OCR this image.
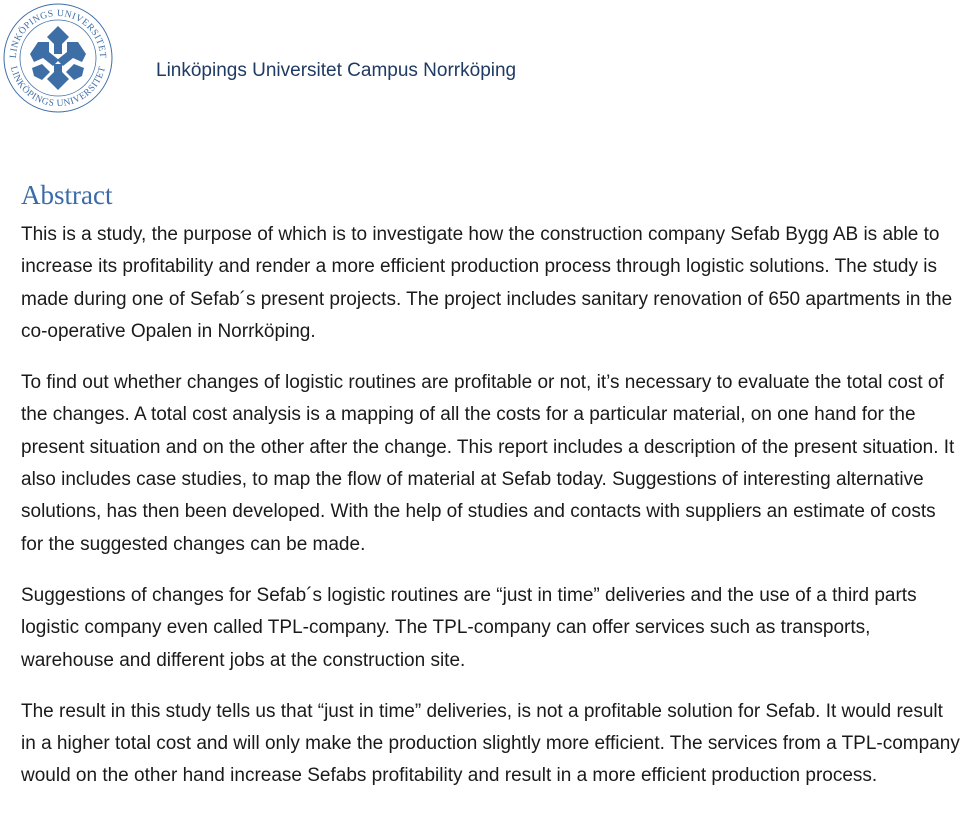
LINKÖPINGS UNIVERSITET
LINKÖPINGS UNIVERSITET	Linköpings Universitet Campus Norrköping
Abstract

This is a study, the purpose of which is to investigate how the construction company Sefab Bygg AB is able to increase its profitability and render a more efficient production process through logistic solutions. The study is made during one of Sefab´s present projects. The project includes sanitary renovation of 650 apartments in the co-operative Opalen in Norrköping.

To find out whether changes of logistic routines are profitable or not, it’s necessary to evaluate the total cost of the changes. A total cost analysis is a mapping of all the costs for a particular material, on one hand for the present situation and on the other after the change. This report includes a description of the present situation. It also includes case studies, to map the flow of material at Sefab today. Suggestions of interesting alternative solutions, has then been developed. With the help of studies and contacts with suppliers an estimate of costs for the suggested changes can be made.

Suggestions of changes for Sefab´s logistic routines are “just in time” deliveries and the use of a third parts logistic company even called TPL-company. The TPL-company can offer services such as transports, warehouse and different jobs at the construction site.

The result in this study tells us that “just in time” deliveries, is not a profitable solution for Sefab. It would result in a higher total cost and will only make the production slightly more efficient. The services from a TPL-company would on the other hand increase Sefabs profitability and result in a more efficient production process.
